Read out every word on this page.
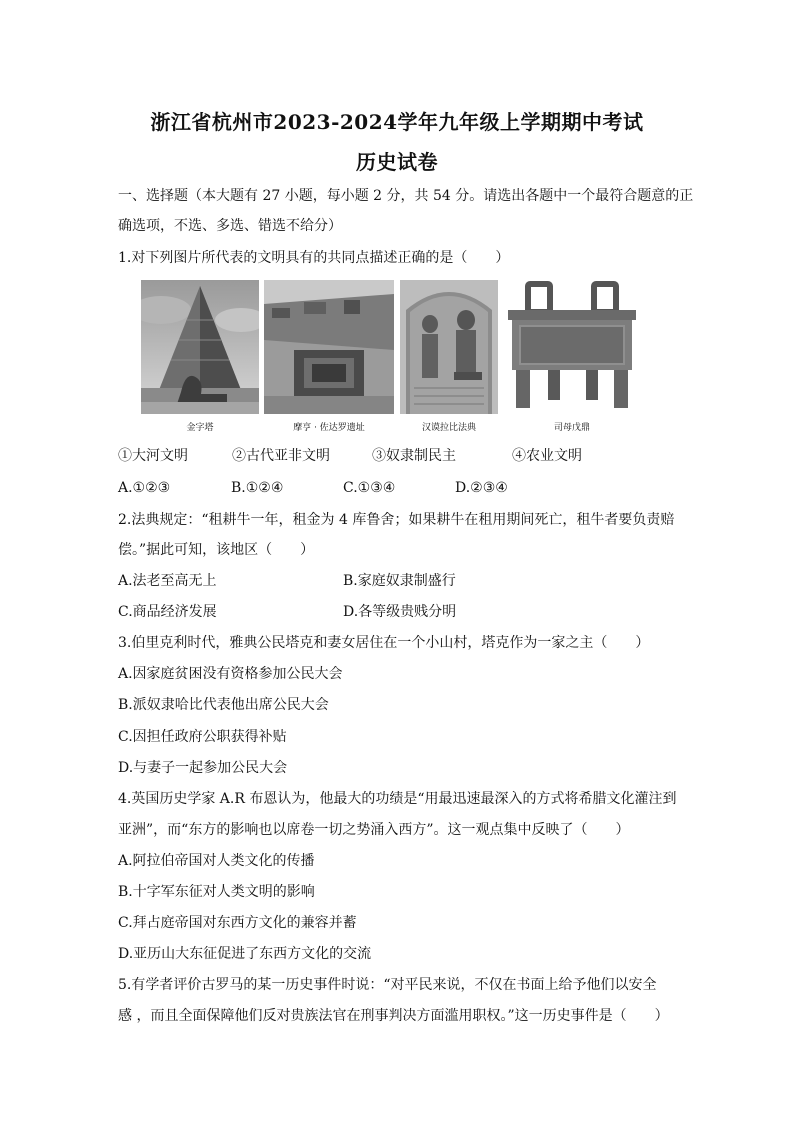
浙江省杭州市2023-2024学年九年级上学期期中考试
历史试卷
一、选择题（本大题有 27 小题，每小题 2 分，共 54 分。请选出各题中一个最符合题意的正
确选项，不选、多选、错选不给分）
1.对下列图片所代表的文明具有的共同点描述正确的是（　　）
金字塔	摩亨 · 佐达罗遗址	汉谟拉比法典	司母戊鼎
①大河文明	②古代亚非文明	③奴隶制民主	④农业文明
A.①②③	B.①②④	C.①③④	D.②③④
2.法典规定：“租耕牛一年，租金为 4 库鲁舍；如果耕牛在租用期间死亡，租牛者要负责赔
偿。”据此可知，该地区（　　）
A.法老至高无上	B.家庭奴隶制盛行
C.商品经济发展	D.各等级贵贱分明
3.伯里克利时代，雅典公民塔克和妻女居住在一个小山村，塔克作为一家之主（　　）
A.因家庭贫困没有资格参加公民大会
B.派奴隶哈比代表他出席公民大会
C.因担任政府公职获得补贴
D.与妻子一起参加公民大会
4.英国历史学家 A.R 布恩认为，他最大的功绩是“用最迅速最深入的方式将希腊文化灌注到
亚洲”，而“东方的影响也以席卷一切之势涌入西方”。这一观点集中反映了（　　）
A.阿拉伯帝国对人类文化的传播
B.十字军东征对人类文明的影响
C.拜占庭帝国对东西方文化的兼容并蓄
D.亚历山大东征促进了东西方文化的交流
5.有学者评价古罗马的某一历史事件时说：“对平民来说，不仅在书面上给予他们以安全
感 ，而且全面保障他们反对贵族法官在刑事判决方面滥用职权。”这一历史事件是（　　）
